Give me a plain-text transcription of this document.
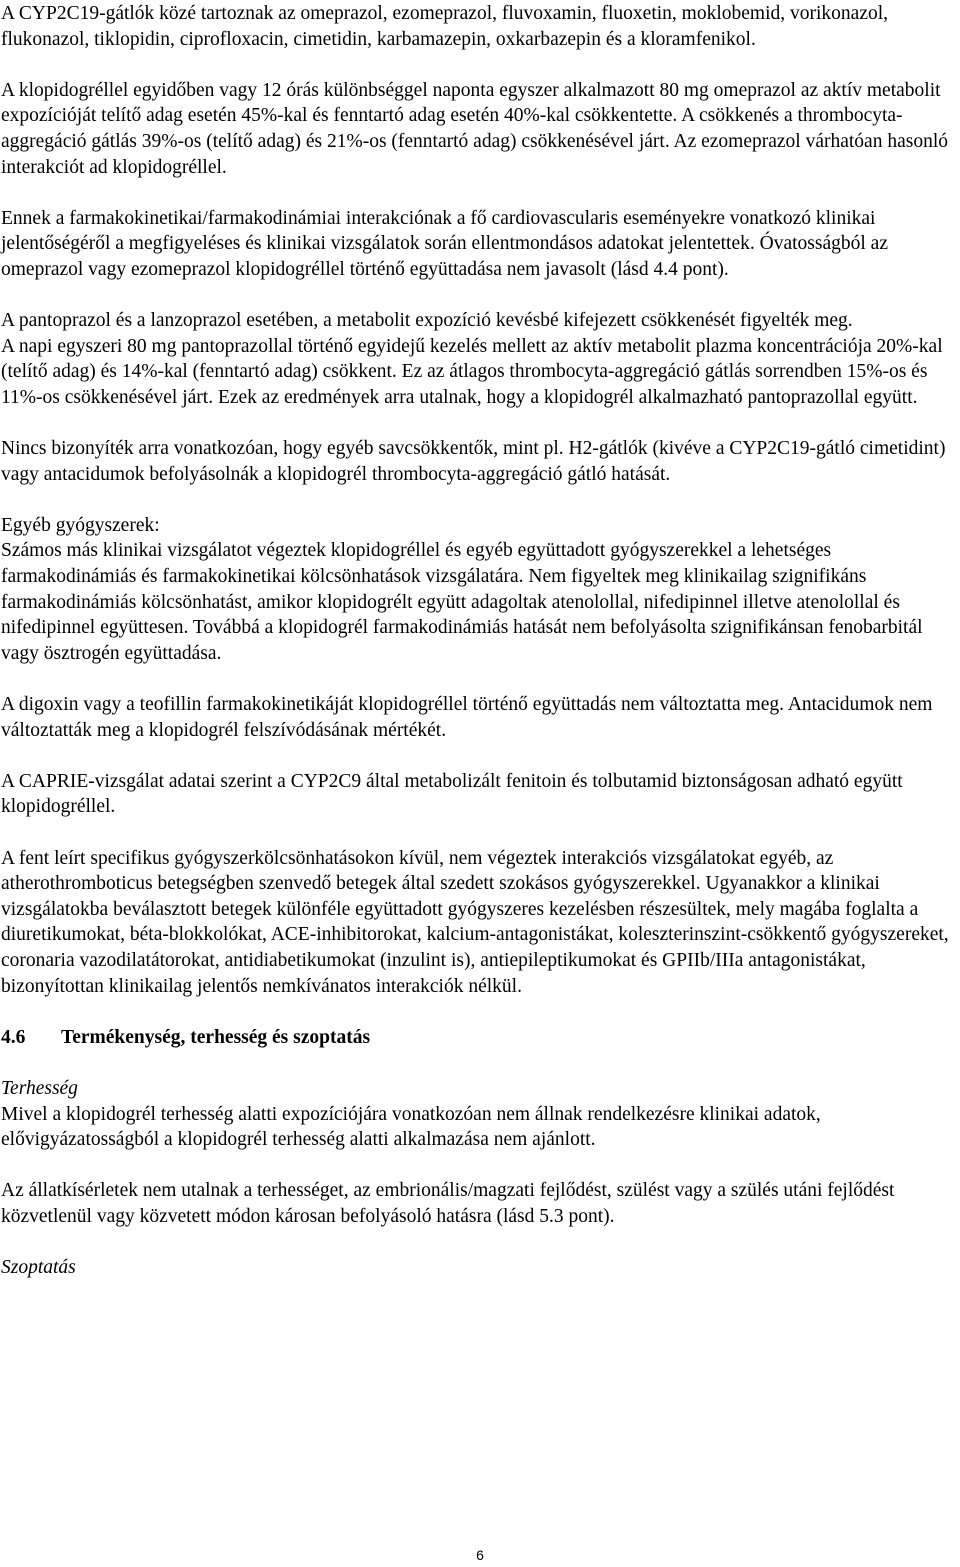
A CYP2C19-gátlók közé tartoznak az omeprazol, ezomeprazol, fluvoxamin, fluoxetin, moklobemid, vorikonazol, flukonazol, tiklopidin, ciprofloxacin, cimetidin, karbamazepin, oxkarbazepin és a kloramfenikol.

A klopidogréllel egyidőben vagy 12 órás különbséggel naponta egyszer alkalmazott 80 mg omeprazol az aktív metabolit expozícióját telítő adag esetén 45%-kal és fenntartó adag esetén 40%-kal csökkentette. A csökkenés a thrombocyta-aggregáció gátlás 39%-os (telítő adag) és 21%-os (fenntartó adag) csökkenésével járt. Az ezomeprazol várhatóan hasonló interakciót ad klopidogréllel.

Ennek a farmakokinetikai/farmakodinámiai interakciónak a fő cardiovascularis eseményekre vonatkozó klinikai jelentőségéről a megfigyeléses és klinikai vizsgálatok során ellentmondásos adatokat jelentettek. Óvatosságból az omeprazol vagy ezomeprazol klopidogréllel történő együttadása nem javasolt (lásd 4.4 pont).

A pantoprazol és a lanzoprazol esetében, a metabolit expozíció kevésbé kifejezett csökkenését figyelték meg.

A napi egyszeri 80 mg pantoprazollal történő egyidejű kezelés mellett az aktív metabolit plazma koncentrációja 20%-kal (telítő adag) és 14%-kal (fenntartó adag) csökkent. Ez az átlagos thrombocyta-aggregáció gátlás sorrendben 15%-os és 11%-os csökkenésével járt. Ezek az eredmények arra utalnak, hogy a klopidogrél alkalmazható pantoprazollal együtt.

Nincs bizonyíték arra vonatkozóan, hogy egyéb savcsökkentők, mint pl. H2-gátlók (kivéve a CYP2C19-gátló cimetidint) vagy antacidumok befolyásolnák a klopidogrél thrombocyta-aggregáció gátló hatását.

Egyéb gyógyszerek:

Számos más klinikai vizsgálatot végeztek klopidogréllel és egyéb együttadott gyógyszerekkel a lehetséges farmakodinámiás és farmakokinetikai kölcsönhatások vizsgálatára. Nem figyeltek meg klinikailag szignifikáns farmakodinámiás kölcsönhatást, amikor klopidogrélt együtt adagoltak atenolollal, nifedipinnel illetve atenolollal és nifedipinnel együttesen. Továbbá a klopidogrél farmakodinámiás hatását nem befolyásolta szignifikánsan fenobarbitál vagy ösztrogén együttadása.

A digoxin vagy a teofillin farmakokinetikáját klopidogréllel történő együttadás nem változtatta meg. Antacidumok nem változtatták meg a klopidogrél felszívódásának mértékét.

A CAPRIE-vizsgálat adatai szerint a CYP2C9 által metabolizált fenitoin és tolbutamid biztonságosan adható együtt klopidogréllel.

A fent leírt specifikus gyógyszerkölcsönhatásokon kívül, nem végeztek interakciós vizsgálatokat egyéb, az atherothromboticus betegségben szenvedő betegek által szedett szokásos gyógyszerekkel. Ugyanakkor a klinikai vizsgálatokba beválasztott betegek különféle együttadott gyógyszeres kezelésben részesültek, mely magába foglalta a diuretikumokat, béta-blokkolókat, ACE-inhibitorokat, kalcium-antagonistákat, koleszterinszint-csökkentő gyógyszereket, coronaria vazodilatátorokat, antidiabetikumokat (inzulint is), antiepileptikumokat és GPIIb/IIIa antagonistákat, bizonyítottan klinikailag jelentős nemkívánatos interakciók nélkül.

4.6 Termékenység, terhesség és szoptatás

Terhesség

Mivel a klopidogrél terhesség alatti expozíciójára vonatkozóan nem állnak rendelkezésre klinikai adatok, elővigyázatosságból a klopidogrél terhesség alatti alkalmazása nem ajánlott.

Az állatkísérletek nem utalnak a terhességet, az embrionális/magzati fejlődést, szülést vagy a szülés utáni fejlődést közvetlenül vagy közvetett módon károsan befolyásoló hatásra (lásd 5.3 pont).

Szoptatás

6
